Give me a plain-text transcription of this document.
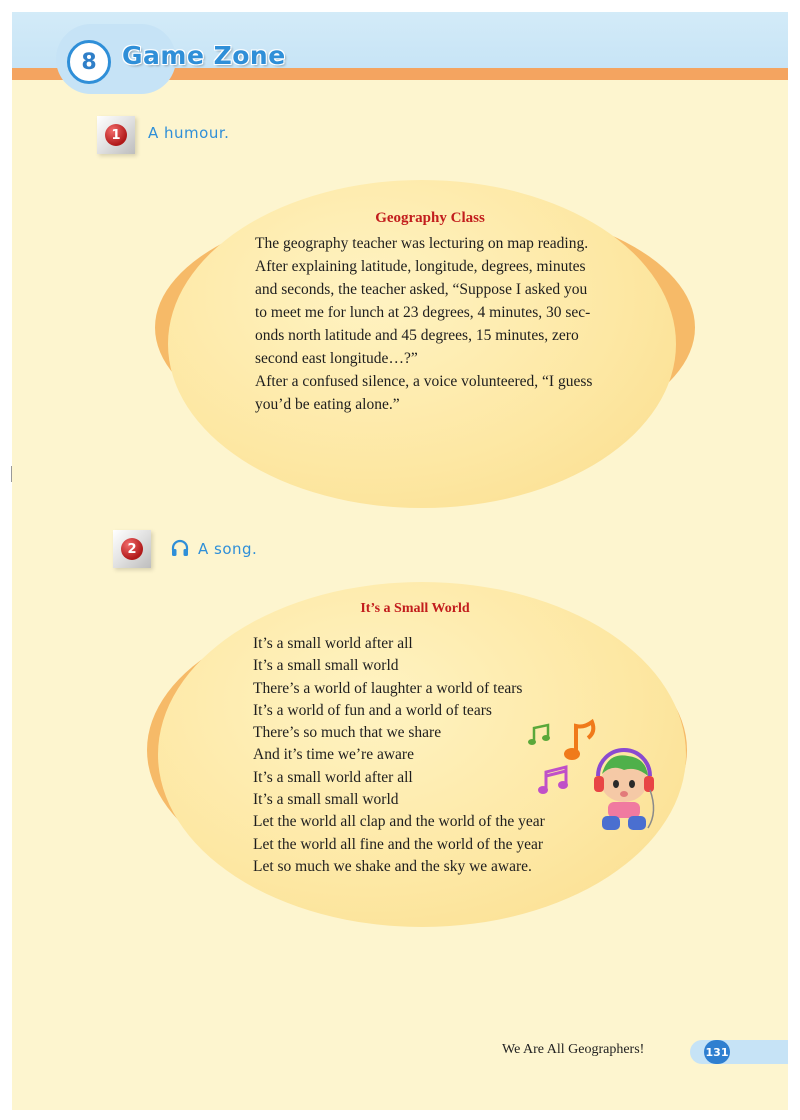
8	Game Zone
1	A humour.
Geography Class
The geography teacher was lecturing on map reading.
After explaining latitude, longitude, degrees, minutes
and seconds, the teacher asked, “Suppose I asked you
to meet me for lunch at 23 degrees, 4 minutes, 30 sec-
onds north latitude and 45 degrees, 15 minutes, zero
second east longitude…?”
After a confused silence, a voice volunteered, “I guess
you’d be eating alone.”
2	A song.
It’s a Small World
It’s a small world after all
It’s a small small world
There’s a world of laughter a world of tears
It’s a world of fun and a world of tears
There’s so much that we share
And it’s time we’re aware
It’s a small world after all
It’s a small small world
Let the world all clap and the world of the year
Let the world all fine and the world of the year
Let so much we shake and the sky we aware.
We Are All Geographers!	131
